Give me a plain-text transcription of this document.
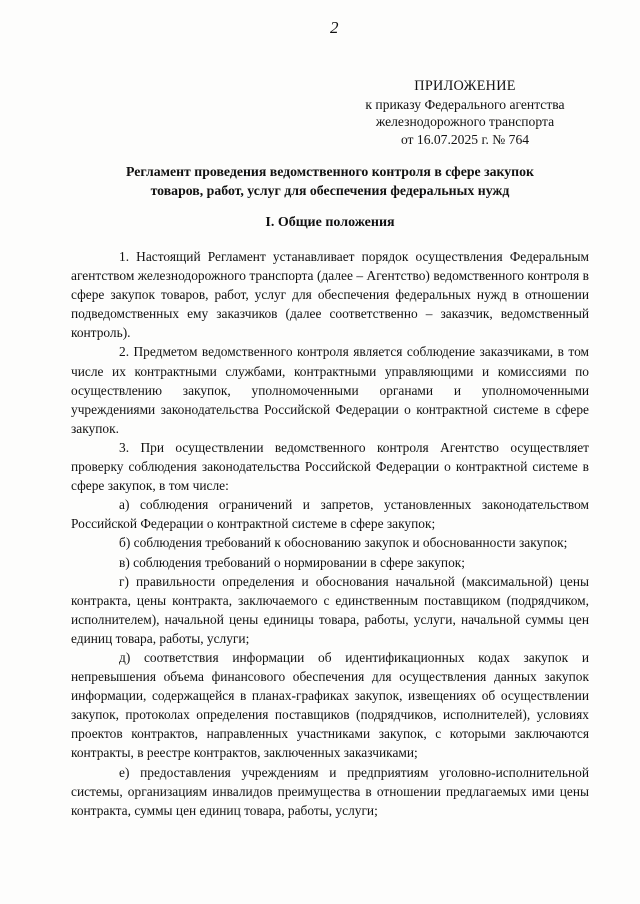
2
ПРИЛОЖЕНИЕ
к приказу Федерального агентства
железнодорожного транспорта
от 16.07.2025 г. № 764
Регламент проведения ведомственного контроля в сфере закупок
товаров, работ, услуг для обеспечения федеральных нужд
I. Общие положения

1. Настоящий Регламент устанавливает порядок осуществления Федеральным агентством железнодорожного транспорта (далее – Агентство) ведомственного контроля в сфере закупок товаров, работ, услуг для обеспечения федеральных нужд в отношении подведомственных ему заказчиков (далее соответственно – заказчик, ведомственный контроль).

2. Предметом ведомственного контроля является соблюдение заказчиками, в том числе их контрактными службами, контрактными управляющими и комиссиями по осуществлению закупок, уполномоченными органами и уполномоченными учреждениями законодательства Российской Федерации о контрактной системе в сфере закупок.

3. При осуществлении ведомственного контроля Агентство осуществляет проверку соблюдения законодательства Российской Федерации о контрактной системе в сфере закупок, в том числе:

а) соблюдения ограничений и запретов, установленных законодательством Российской Федерации о контрактной системе в сфере закупок;

б) соблюдения требований к обоснованию закупок и обоснованности закупок;

в) соблюдения требований о нормировании в сфере закупок;

г) правильности определения и обоснования начальной (максимальной) цены контракта, цены контракта, заключаемого с единственным поставщиком (подрядчиком, исполнителем), начальной цены единицы товара, работы, услуги, начальной суммы цен единиц товара, работы, услуги;

д) соответствия информации об идентификационных кодах закупок и непревышения объема финансового обеспечения для осуществления данных закупок информации, содержащейся в планах-графиках закупок, извещениях об осуществлении закупок, протоколах определения поставщиков (подрядчиков, исполнителей), условиях проектов контрактов, направленных участниками закупок, с которыми заключаются контракты, в реестре контрактов, заключенных заказчиками;

е) предоставления учреждениям и предприятиям уголовно-исполнительной системы, организациям инвалидов преимущества в отношении предлагаемых ими цены контракта, суммы цен единиц товара, работы, услуги;
